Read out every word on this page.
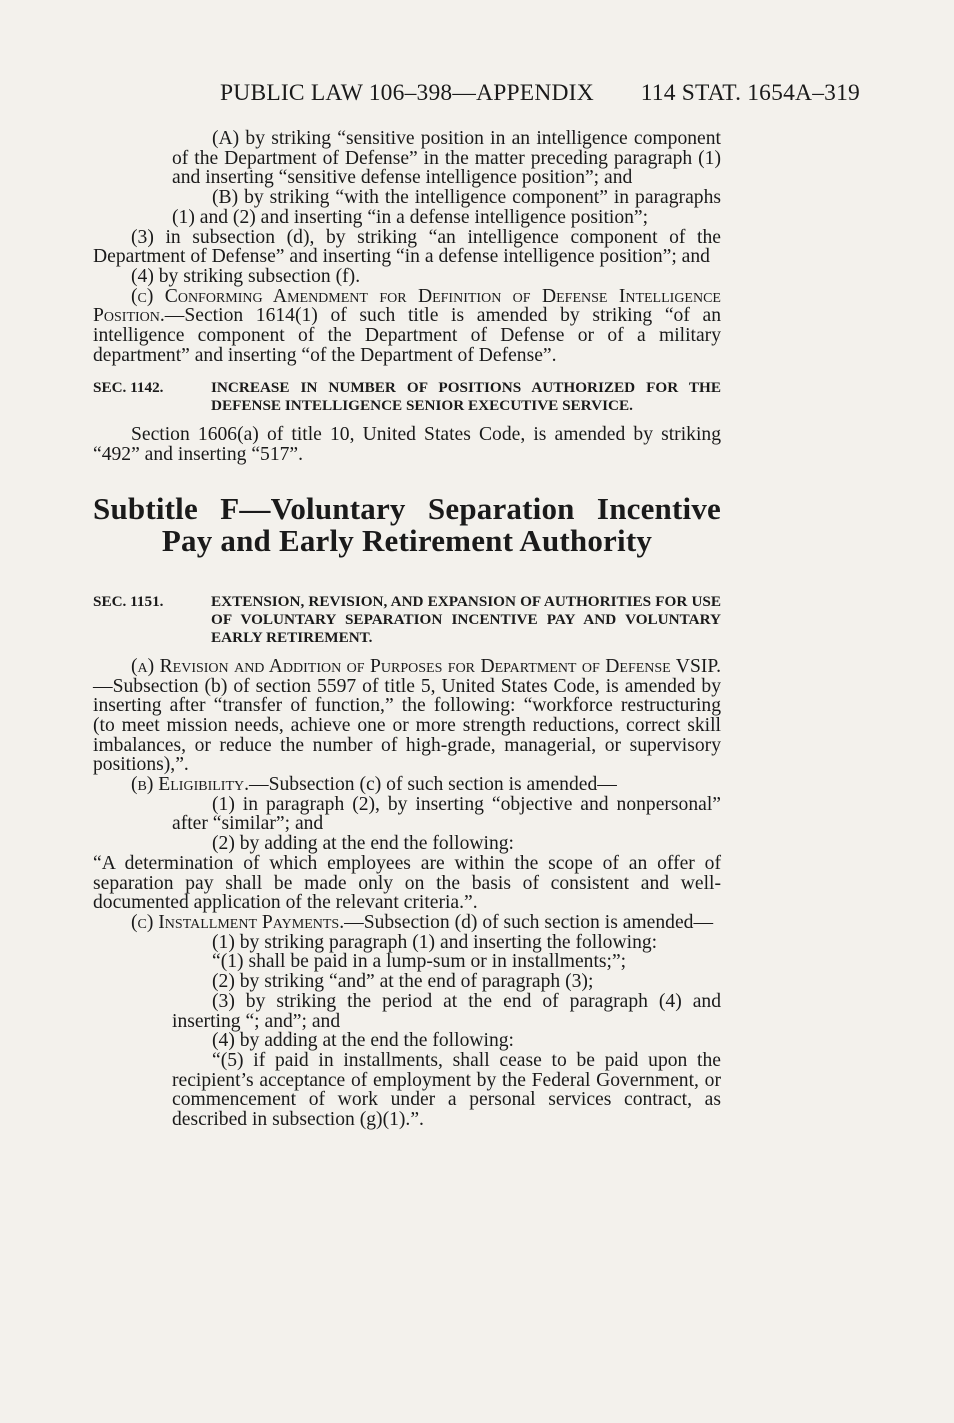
PUBLIC LAW 106–398—APPENDIX 114 STAT. 1654A–319

(A) by striking “sensitive position in an intelligence component of the Department of Defense” in the matter preceding paragraph (1) and inserting “sensitive defense intelligence position”; and

(B) by striking “with the intelligence component” in paragraphs (1) and (2) and inserting “in a defense intelligence position”;

(3) in subsection (d), by striking “an intelligence component of the Department of Defense” and inserting “in a defense intelligence position”; and

(4) by striking subsection (f).

(c) Conforming Amendment for Definition of Defense Intelligence Position.—Section 1614(1) of such title is amended by striking “of an intelligence component of the Department of Defense or of a military department” and inserting “of the Department of Defense”.

SEC. 1142.	INCREASE IN NUMBER OF POSITIONS AUTHORIZED FOR THE DEFENSE INTELLIGENCE SENIOR EXECUTIVE SERVICE.

Section 1606(a) of title 10, United States Code, is amended by striking “492” and inserting “517”.

Subtitle F—Voluntary Separation Incentive Pay and Early Retirement Authority
SEC. 1151.	EXTENSION, REVISION, AND EXPANSION OF AUTHORITIES FOR USE OF VOLUNTARY SEPARATION INCENTIVE PAY AND VOLUNTARY EARLY RETIREMENT.

(a) Revision and Addition of Purposes for Department of Defense VSIP.—Subsection (b) of section 5597 of title 5, United States Code, is amended by inserting after “transfer of function,” the following: “workforce restructuring (to meet mission needs, achieve one or more strength reductions, correct skill imbalances, or reduce the number of high-grade, managerial, or supervisory positions),”.

(b) Eligibility.—Subsection (c) of such section is amended—

(1) in paragraph (2), by inserting “objective and nonpersonal” after “similar”; and

(2) by adding at the end the following:

“A determination of which employees are within the scope of an offer of separation pay shall be made only on the basis of consistent and well-documented application of the relevant criteria.”.

(c) Installment Payments.—Subsection (d) of such section is amended—

(1) by striking paragraph (1) and inserting the following:

“(1) shall be paid in a lump-sum or in installments;”;

(2) by striking “and” at the end of paragraph (3);

(3) by striking the period at the end of paragraph (4) and inserting “; and”; and

(4) by adding at the end the following:

“(5) if paid in installments, shall cease to be paid upon the recipient’s acceptance of employment by the Federal Government, or commencement of work under a personal services contract, as described in subsection (g)(1).”.
